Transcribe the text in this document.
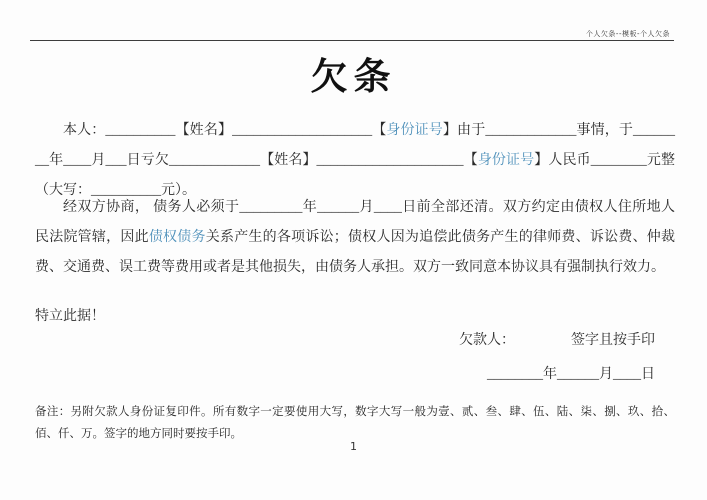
个人欠条--模板-个人欠条
欠条

本人：__________【姓名】____________________【身份证号】由于_____________事情，于________年____月___日亏欠_____________【姓名】_____________________【身份证号】人民币________元整（大写：__________元）。

经双方协商， 债务人必须于_________年______月____日前全部还清。双方约定由债权人住所地人民法院管辖，因此债权债务关系产生的各项诉讼；债权人因为追偿此债务产生的律师费、诉讼费、仲裁费、交通费、误工费等费用或者是其他损失，由债务人承担。双方一致同意本协议具有强制执行效力。

特立此据！

欠款人：	签字且按手印
________年______月____日

备注：另附欠款人身份证复印件。所有数字一定要使用大写，数字大写一般为壹、贰、叁、肆、伍、陆、柒、捌、玖、拾、佰、仟、万。签字的地方同时要按手印。

1
